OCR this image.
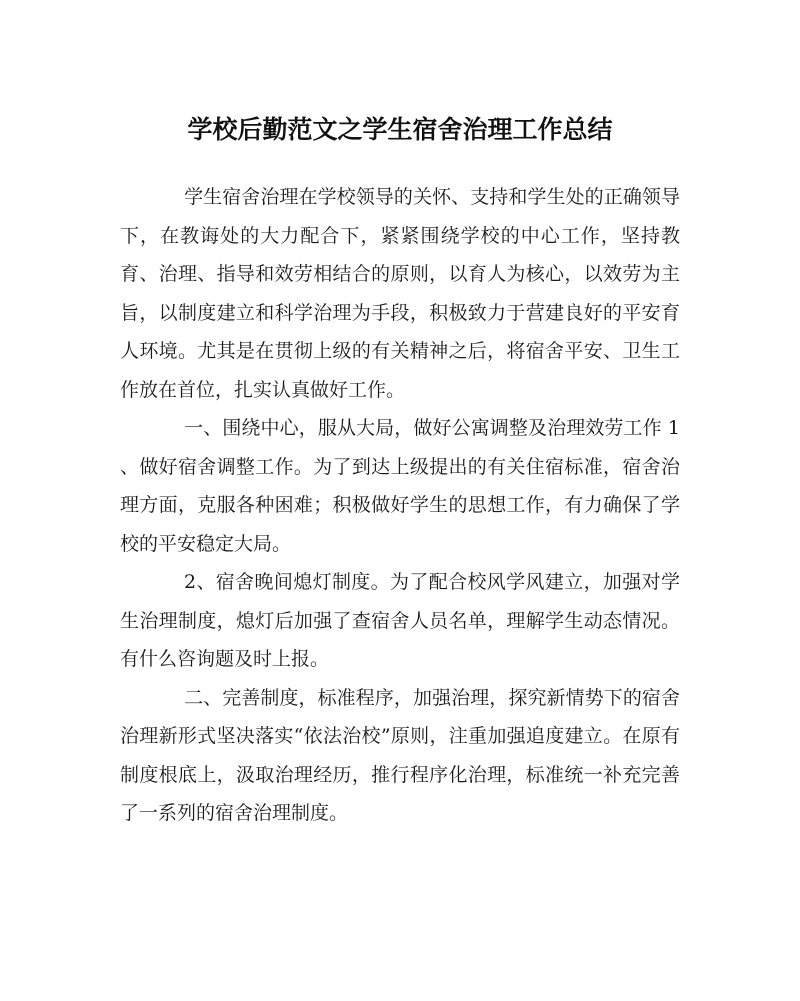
学校后勤范文之学生宿舍治理工作总结

学生宿舍治理在学校领导的关怀、支持和学生处的正确领导下，在教诲处的大力配合下，紧紧围绕学校的中心工作，坚持教育、治理、指导和效劳相结合的原则，以育人为核心，以效劳为主旨，以制度建立和科学治理为手段，积极致力于营建良好的平安育人环境。尤其是在贯彻上级的有关精神之后，将宿舍平安、卫生工作放在首位，扎实认真做好工作。

一、围绕中心，服从大局，做好公寓调整及治理效劳工作 1 、做好宿舍调整工作。为了到达上级提出的有关住宿标准，宿舍治理方面，克服各种困难；积极做好学生的思想工作，有力确保了学校的平安稳定大局。

2、宿舍晚间熄灯制度。为了配合校风学风建立，加强对学生治理制度，熄灯后加强了查宿舍人员名单，理解学生动态情况。有什么咨询题及时上报。

二、完善制度，标准程序，加强治理，探究新情势下的宿舍治理新形式坚决落实“依法治校”原则，注重加强追度建立。在原有制度根底上，汲取治理经历，推行程序化治理，标准统一补充完善了一系列的宿舍治理制度。
